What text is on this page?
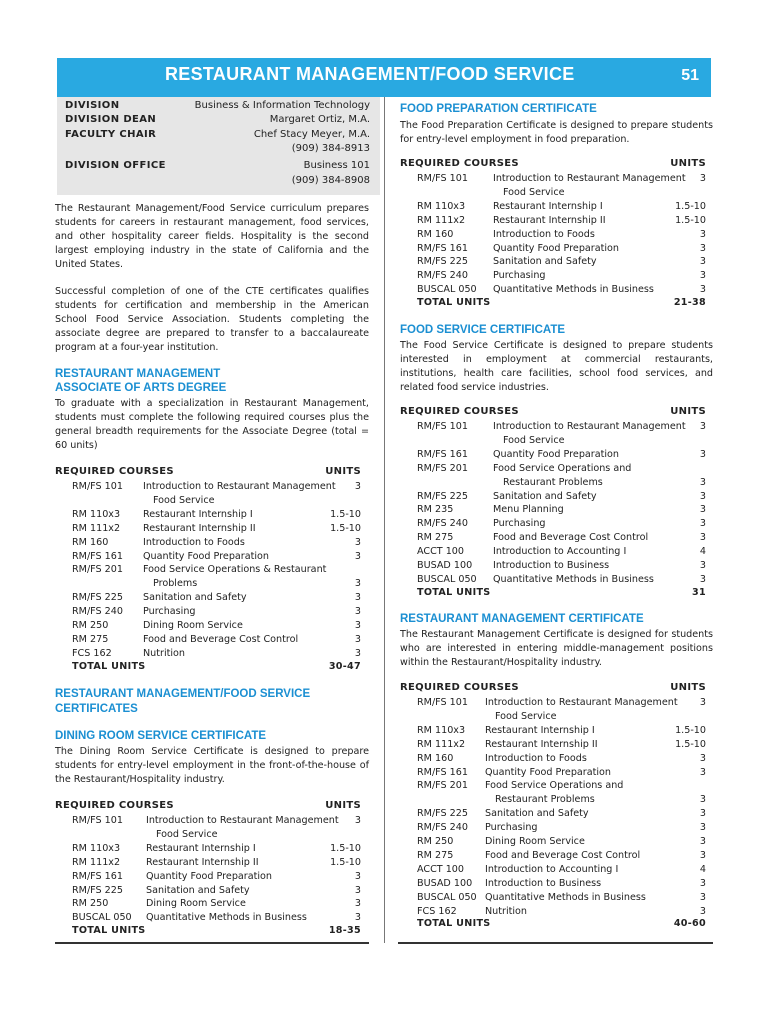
RESTAURANT MANAGEMENT/FOOD SERVICE	51
DIVISION	Business & Information Technology
DIVISION DEAN	Margaret Ortiz, M.A.
FACULTY CHAIR	Chef Stacy Meyer, M.A.
(909) 384-8913
DIVISION OFFICE	Business 101
(909) 384-8908
The Restaurant Management/Food Service curriculum prepares students for careers in restaurant management, food services, and other hospitality career fields. Hospitality is the second largest employing industry in the state of California and the United States.
Successful completion of one of the CTE certificates qualifies students for certification and membership in the American School Food Service Association. Students completing the associate degree are prepared to transfer to a baccalaureate program at a four-year institution.
RESTAURANT MANAGEMENT
ASSOCIATE OF ARTS DEGREE
To graduate with a specialization in Restaurant Management, students must complete the following required courses plus the general breadth requirements for the Associate Degree (total = 60 units)
REQUIRED COURSES	UNITS
RM/FS 101 Introduction to Restaurant Management
Food Service
3
RM 110x3 Restaurant Internship I	1.5-10
RM 111x2 Restaurant Internship II	1.5-10
RM 160	Introduction to Foods	3
RM/FS 161 Quantity Food Preparation	3
RM/FS 201 Food Service Operations & Restaurant
Problems	3
RM/FS 225 Sanitation and Safety	3
RM/FS 240 Purchasing	3
RM 250	Dining Room Service	3
RM 275	Food and Beverage Cost Control	3
FCS 162	Nutrition	3
TOTAL UNITS	30-47
RESTAURANT MANAGEMENT/FOOD SERVICE
CERTIFICATES
DINING ROOM SERVICE CERTIFICATE
The Dining Room Service Certificate is designed to prepare students for entry-level employment in the front-of-the-house of the Restaurant/Hospitality industry.
REQUIRED COURSES	UNITS
RM/FS 101 Introduction to Restaurant Management
Food Service
3
RM 110x3	Restaurant Internship I	1.5-10
RM 111x2	Restaurant Internship II	1.5-10
RM/FS 161 Quantity Food Preparation	3
RM/FS 225 Sanitation and Safety	3
RM 250	Dining Room Service	3
BUSCAL 050 Quantitative Methods in Business	3
TOTAL UNITS	18-35
FOOD PREPARATION CERTIFICATE
The Food Preparation Certificate is designed to prepare students for entry-level employment in food preparation.
REQUIRED COURSES	UNITS
RM/FS 101	Introduction to Restaurant Management
Food Service
3
RM 110x3	Restaurant Internship I	1.5-10
RM 111x2	Restaurant Internship II	1.5-10
RM 160	Introduction to Foods	3
RM/FS 161	Quantity Food Preparation	3
RM/FS 225	Sanitation and Safety	3
RM/FS 240	Purchasing	3
BUSCAL 050 Quantitative Methods in Business	3
TOTAL UNITS	21-38
FOOD SERVICE CERTIFICATE
The Food Service Certificate is designed to prepare students interested in employment at commercial restaurants, institutions, health care facilities, school food services, and related food service industries.
REQUIRED COURSES	UNITS
RM/FS 101	Introduction to Restaurant Management
Food Service
3
RM/FS 161	Quantity Food Preparation	3
RM/FS 201	Food Service Operations and
Restaurant Problems	3
RM/FS 225	Sanitation and Safety	3
RM 235	Menu Planning	3
RM/FS 240	Purchasing	3
RM 275	Food and Beverage Cost Control	3
ACCT 100	Introduction to Accounting I	4
BUSAD 100 Introduction to Business	3
BUSCAL 050 Quantitative Methods in Business	3
TOTAL UNITS	31
RESTAURANT MANAGEMENT CERTIFICATE
The Restaurant Management Certificate is designed for students who are interested in entering middle-management positions within the Restaurant/Hospitality industry.
REQUIRED COURSES	UNITS
RM/FS 101 Introduction to Restaurant Management
Food Service
3
RM 110x3 Restaurant Internship I	1.5-10
RM 111x2 Restaurant Internship II	1.5-10
RM 160	Introduction to Foods	3
RM/FS 161 Quantity Food Preparation	3
RM/FS 201 Food Service Operations and
Restaurant Problems	3
RM/FS 225 Sanitation and Safety	3
RM/FS 240 Purchasing	3
RM 250	Dining Room Service	3
RM 275	Food and Beverage Cost Control	3
ACCT 100 Introduction to Accounting I	4
BUSAD 100 Introduction to Business	3
BUSCAL 050 Quantitative Methods in Business	3
FCS 162	Nutrition	3
TOTAL UNITS	40-60
